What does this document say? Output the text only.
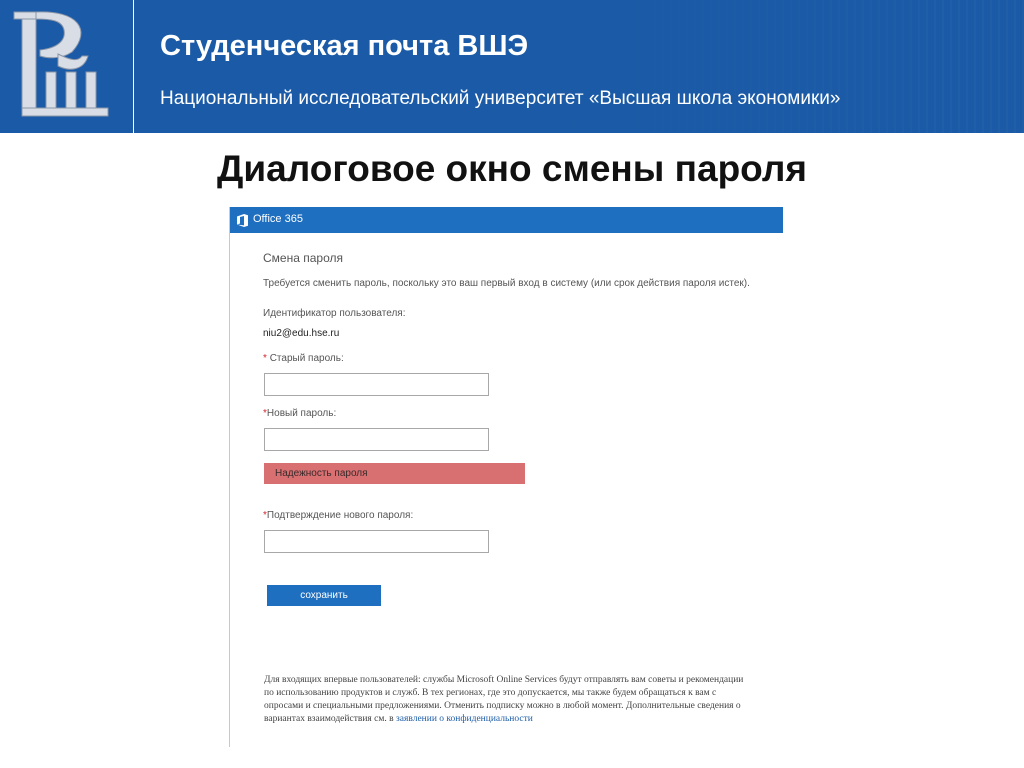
Студенческая почта ВШЭ
Национальный исследовательский университет «Высшая школа экономики»
Диалоговое окно смены пароля
Office 365
Смена пароля
Требуется сменить пароль, поскольку это ваш первый вход в систему (или срок действия пароля истек).
Идентификатор пользователя:
niu2@edu.hse.ru
* Старый пароль:
*Новый пароль:
Надежность пароля
*Подтверждение нового пароля:
сохранить
Для входящих впервые пользователей: службы Microsoft Online Services будут отправлять вам советы и рекомендации по использованию продуктов и служб. В тех регионах, где это допускается, мы также будем обращаться к вам с опросами и специальными предложениями. Отменить подписку можно в любой момент. Дополнительные сведения о вариантах взаимодействия см. в заявлении о конфиденциальности
